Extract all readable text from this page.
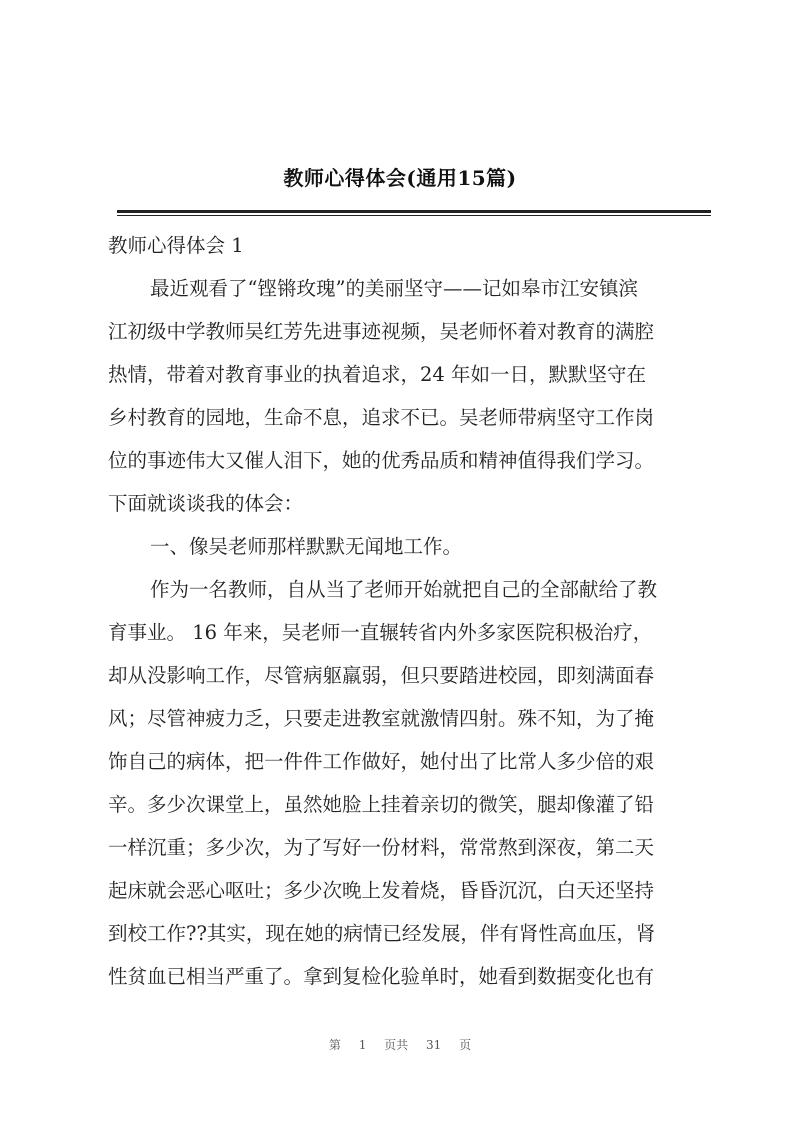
教师心得体会(通用15篇)
教师心得体会 1
最近观看了“铿锵玫瑰”的美丽坚守——记如皋市江安镇滨
江初级中学教师吴红芳先进事迹视频，吴老师怀着对教育的满腔
热情，带着对教育事业的执着追求，24 年如一日，默默坚守在
乡村教育的园地，生命不息，追求不已。吴老师带病坚守工作岗
位的事迹伟大又催人泪下，她的优秀品质和精神值得我们学习。
下面就谈谈我的体会：
一、像吴老师那样默默无闻地工作。
作为一名教师，自从当了老师开始就把自己的全部献给了教
育事业。 16 年来，吴老师一直辗转省内外多家医院积极治疗，
却从没影响工作，尽管病躯羸弱，但只要踏进校园，即刻满面春
风；尽管神疲力乏，只要走进教室就激情四射。殊不知，为了掩
饰自己的病体，把一件件工作做好，她付出了比常人多少倍的艰
辛。多少次课堂上，虽然她脸上挂着亲切的微笑，腿却像灌了铅
一样沉重；多少次，为了写好一份材料，常常熬到深夜，第二天
起床就会恶心呕吐；多少次晚上发着烧，昏昏沉沉，白天还坚持
到校工作??其实，现在她的病情已经发展，伴有肾性高血压，肾
性贫血已相当严重了。拿到复检化验单时，她看到数据变化也有
第 1 页共 31 页
